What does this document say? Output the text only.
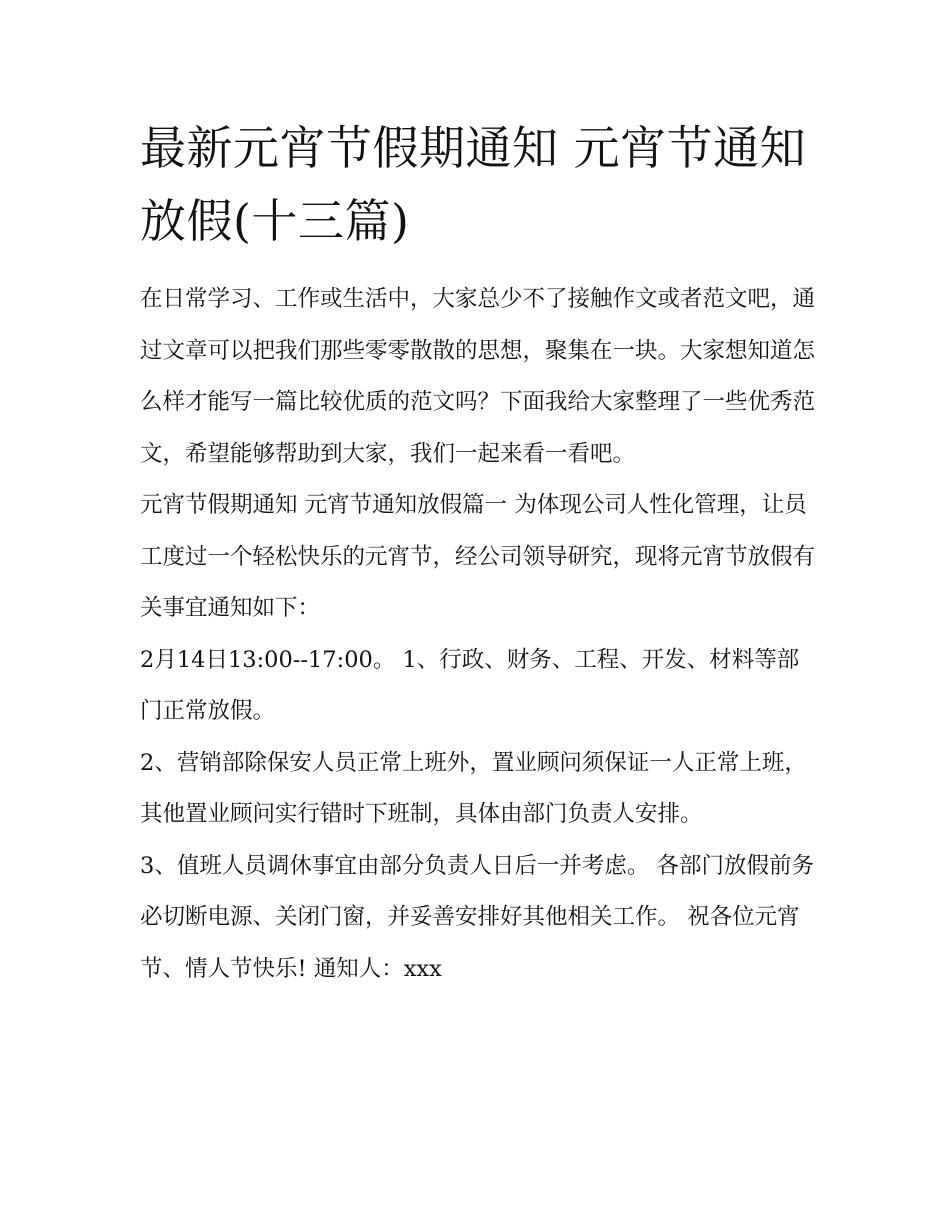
最新元宵节假期通知 元宵节通知放假(十三篇)

在日常学习、工作或生活中，大家总少不了接触作文或者范文吧，通过文章可以把我们那些零零散散的思想，聚集在一块。大家想知道怎么样才能写一篇比较优质的范文吗？下面我给大家整理了一些优秀范文，希望能够帮助到大家，我们一起来看一看吧。

元宵节假期通知 元宵节通知放假篇一 为体现公司人性化管理，让员工度过一个轻松快乐的元宵节，经公司领导研究，现将元宵节放假有关事宜通知如下：

2月14日13:00--17:00。 1、行政、财务、工程、开发、材料等部门正常放假。

2、营销部除保安人员正常上班外，置业顾问须保证一人正常上班，其他置业顾问实行错时下班制，具体由部门负责人安排。

3、值班人员调休事宜由部分负责人日后一并考虑。 各部门放假前务必切断电源、关闭门窗，并妥善安排好其他相关工作。 祝各位元宵节、情人节快乐! 通知人：xxx
